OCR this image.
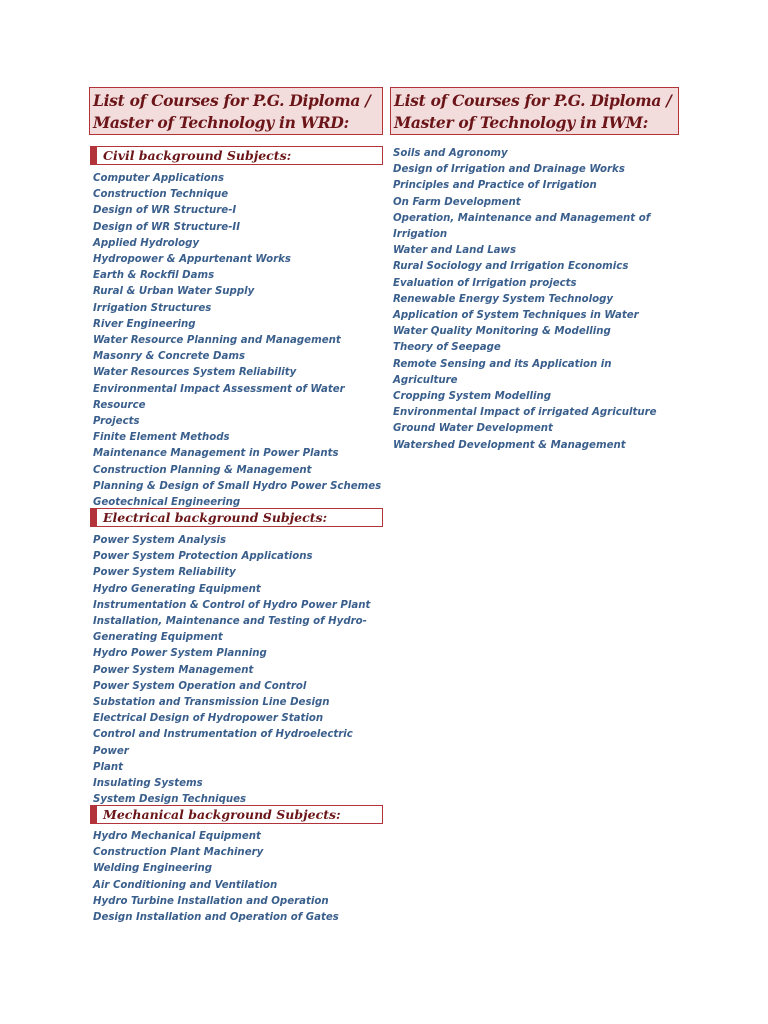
List of Courses for P.G. Diploma /
Master of Technology in WRD:
Civil background Subjects:
Computer Applications
Construction Technique
Design of WR Structure-I
Design of WR Structure-II
Applied Hydrology
Hydropower & Appurtenant Works
Earth & Rockfil Dams
Rural & Urban Water Supply
Irrigation Structures
River Engineering
Water Resource Planning and Management
Masonry & Concrete Dams
Water Resources System Reliability
Environmental Impact Assessment of Water Resource
Projects
Finite Element Methods
Maintenance Management in Power Plants
Construction Planning & Management
Planning & Design of Small Hydro Power Schemes
Geotechnical Engineering
Electrical background Subjects:
Power System Analysis
Power System Protection Applications
Power System Reliability
Hydro Generating Equipment
Instrumentation & Control of Hydro Power Plant
Installation, Maintenance and Testing of Hydro-
Generating Equipment
Hydro Power System Planning
Power System Management
Power System Operation and Control
Substation and Transmission Line Design
Electrical Design of Hydropower Station
Control and Instrumentation of Hydroelectric Power
Plant
Insulating Systems
System Design Techniques
Mechanical background Subjects:
Hydro Mechanical Equipment
Construction Plant Machinery
Welding Engineering
Air Conditioning and Ventilation
Hydro Turbine Installation and Operation
Design Installation and Operation of Gates
List of Courses for P.G. Diploma /
Master of Technology in IWM:
Soils and Agronomy
Design of Irrigation and Drainage Works
Principles and Practice of Irrigation
On Farm Development
Operation, Maintenance and Management of
Irrigation
Water and Land Laws
Rural Sociology and Irrigation Economics
Evaluation of Irrigation projects
Renewable Energy System Technology
Application of System Techniques in Water
Water Quality Monitoring & Modelling
Theory of Seepage
Remote Sensing and its Application in Agriculture
Cropping System Modelling
Environmental Impact of irrigated Agriculture
Ground Water Development
Watershed Development & Management
